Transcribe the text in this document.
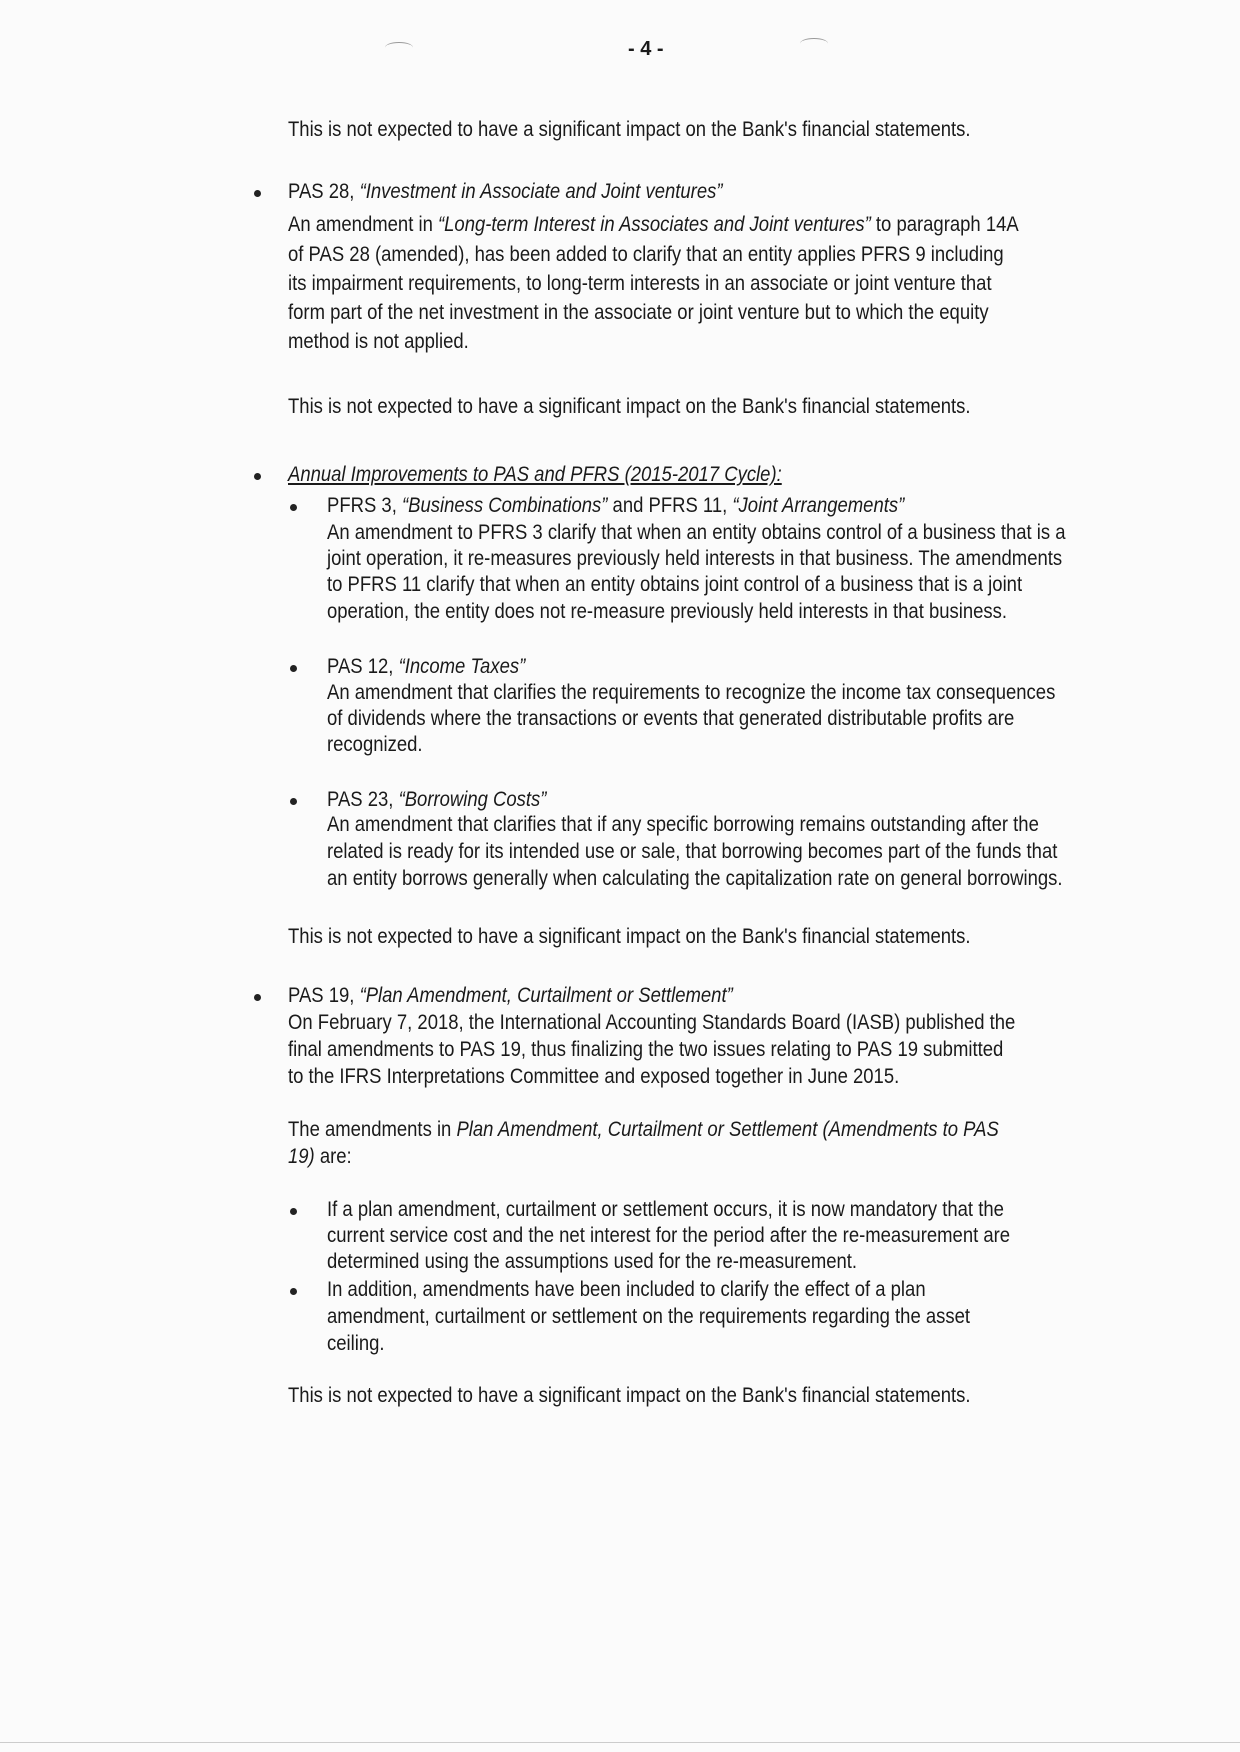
- 4 -
This is not expected to have a significant impact on the Bank's financial statements.
PAS 28, “Investment in Associate and Joint ventures”
An amendment in “Long-term Interest in Associates and Joint ventures” to paragraph 14A
of PAS 28 (amended), has been added to clarify that an entity applies PFRS 9 including
its impairment requirements, to long-term interests in an associate or joint venture that
form part of the net investment in the associate or joint venture but to which the equity
method is not applied.
This is not expected to have a significant impact on the Bank's financial statements.
Annual Improvements to PAS and PFRS (2015-2017 Cycle):
PFRS 3, “Business Combinations” and PFRS 11, “Joint Arrangements”
An amendment to PFRS 3 clarify that when an entity obtains control of a business that is a
joint operation, it re-measures previously held interests in that business. The amendments
to PFRS 11 clarify that when an entity obtains joint control of a business that is a joint
operation, the entity does not re-measure previously held interests in that business.
PAS 12, “Income Taxes”
An amendment that clarifies the requirements to recognize the income tax consequences
of dividends where the transactions or events that generated distributable profits are
recognized.
PAS 23, “Borrowing Costs”
An amendment that clarifies that if any specific borrowing remains outstanding after the
related is ready for its intended use or sale, that borrowing becomes part of the funds that
an entity borrows generally when calculating the capitalization rate on general borrowings.
This is not expected to have a significant impact on the Bank's financial statements.
PAS 19, “Plan Amendment, Curtailment or Settlement”
On February 7, 2018, the International Accounting Standards Board (IASB) published the
final amendments to PAS 19, thus finalizing the two issues relating to PAS 19 submitted
to the IFRS Interpretations Committee and exposed together in June 2015.
The amendments in Plan Amendment, Curtailment or Settlement (Amendments to PAS
19) are:
If a plan amendment, curtailment or settlement occurs, it is now mandatory that the
current service cost and the net interest for the period after the re-measurement are
determined using the assumptions used for the re-measurement.
In addition, amendments have been included to clarify the effect of a plan
amendment, curtailment or settlement on the requirements regarding the asset
ceiling.
This is not expected to have a significant impact on the Bank's financial statements.
